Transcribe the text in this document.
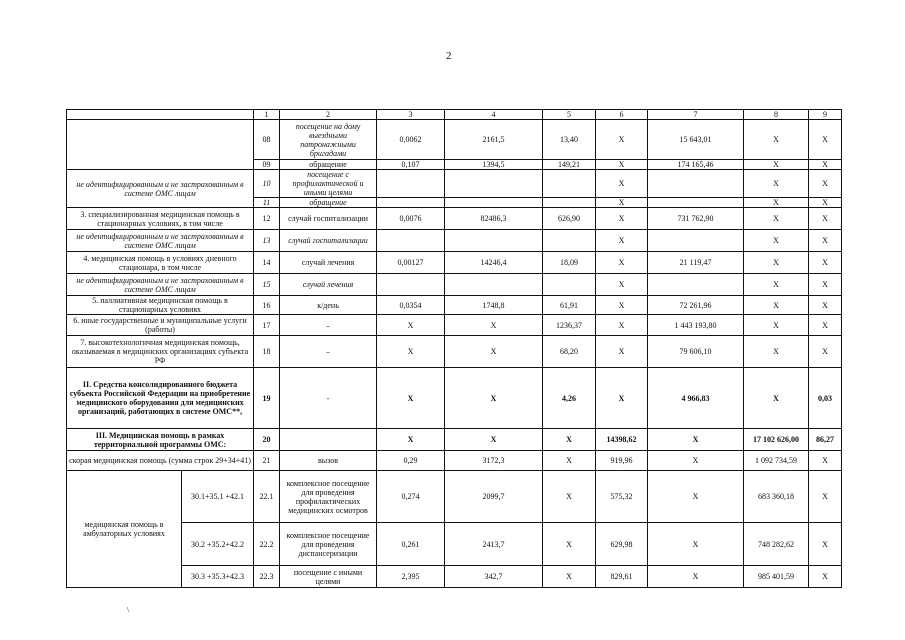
2
		1	2	3	4	5	6	7	8	9
		08	посещение на дому выездными патронажными бригадами	0,0062	2161,5	13,40	X	15 643,01	X	X
		09	обращение	0,107	1394,5	149,21	X	174 165,46	X	X
не идентифицированным и не застрахованным в системе ОМС лицам		10	посещение с профилактической и иными целями				X		X	X
		11	обращение				X		X	X
3. специализированная медицинская помощь в стационарных условиях, в том числе		12	случай госпитализации	0,0076	82486,3	626,90	X	731 762,90	X	X
не идентифицированным и не застрахованным в системе ОМС лицам		13	случай госпитализации				X		X	X
4. медицинская помощь в условиях дневного стационара, в том числе		14	случай лечения	0,00127	14246,4	18,09	X	21 119,47	X	X
не идентифицированным и не застрахованным в системе ОМС лицам		15	случай лечения				X		X	X
5. паллиативная медицинская помощь в стационарных условиях		16	к/день	0,0354	1748,8	61,91	X	72 261,96	X	X
6. иные государственные и муниципальные услуги (работы)		17	–	X	X	1236,37	X	1 443 193,80	X	X
7. высокотехнологичная медицинская помощь, оказываемая в медицинских организациях субъекта РФ		18	–	X	X	68,20	X	79 606,10	X	X
II. Средства консолидированного бюджета субъекта Российской Федерации на приобретение медицинского оборудования для медицинских организаций, работающих в системе ОМС**,		19	-	X	X	4,26	X	4 966,83	X	0,03
III. Медицинская помощь в рамках территориальной программы ОМС:		20		X	X	X	14398,62	X	17 102 626,00	86,27
скорая медицинская помощь (сумма строк 29+34+41)		21	вызов	0,29	3172,3	X	919,96	X	1 092 734,59	X
медицинская помощь в амбулаторных условиях	30.1+35.1 +42.1	22.1	комплексное посещение для проведения профилактических медицинских осмотров	0,274	2099,7	X	575,32	X	683 360,18	X
	30.2 +35.2+42.2	22.2	комплексное посещение для проведения диспансеризации	0,261	2413,7	X	629,98	X	748 282,62	X
	30.3 +35.3+42.3	22.3	посещение с иными целями	2,395	342,7	X	829,61	X	985 401,59	X
\
